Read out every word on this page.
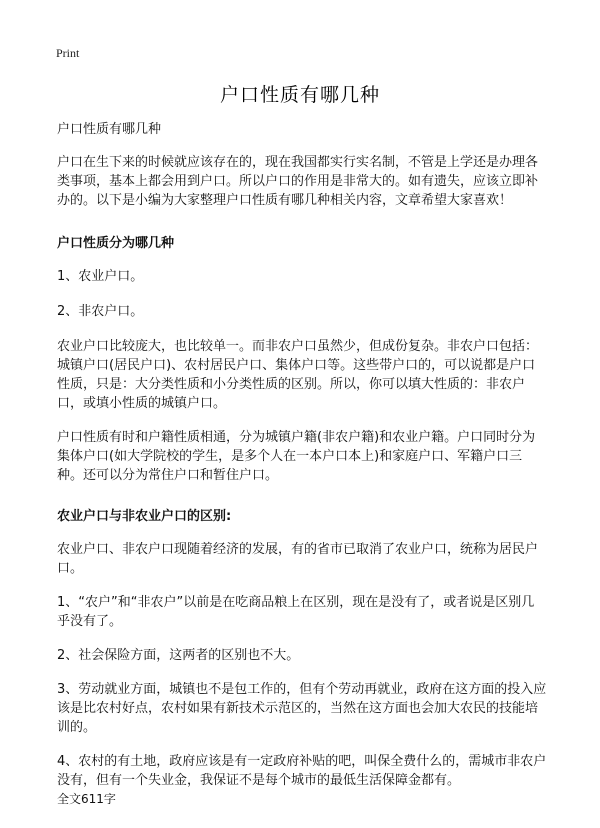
Print
户口性质有哪几种

户口性质有哪几种

户口在生下来的时候就应该存在的，现在我国都实行实名制，不管是上学还是办理各类事项，基本上都会用到户口。所以户口的作用是非常大的。如有遗失，应该立即补办的。以下是小编为大家整理户口性质有哪几种相关内容，文章希望大家喜欢！

户口性质分为哪几种

1、农业户口。

2、非农户口。

农业户口比较庞大，也比较单一。而非农户口虽然少，但成份复杂。非农户口包括：城镇户口(居民户口)、农村居民户口、集体户口等。这些带户口的，可以说都是户口性质，只是：大分类性质和小分类性质的区别。所以，你可以填大性质的：非农户口，或填小性质的城镇户口。

户口性质有时和户籍性质相通，分为城镇户籍(非农户籍)和农业户籍。户口同时分为集体户口(如大学院校的学生，是多个人在一本户口本上)和家庭户口、军籍户口三种。还可以分为常住户口和暂住户口。

农业户口与非农业户口的区别:

农业户口、非农户口现随着经济的发展，有的省市已取消了农业户口，统称为居民户口。

1、“农户”和“非农户”以前是在吃商品粮上在区别，现在是没有了，或者说是区别几乎没有了。

2、社会保险方面，这两者的区别也不大。

3、劳动就业方面，城镇也不是包工作的，但有个劳动再就业，政府在这方面的投入应该是比农村好点，农村如果有新技术示范区的，当然在这方面也会加大农民的技能培训的。

4、农村的有土地，政府应该是有一定政府补贴的吧，叫保全费什么的，需城市非农户没有，但有一个失业金，我保证不是每个城市的最低生活保障金都有。

全文611字
